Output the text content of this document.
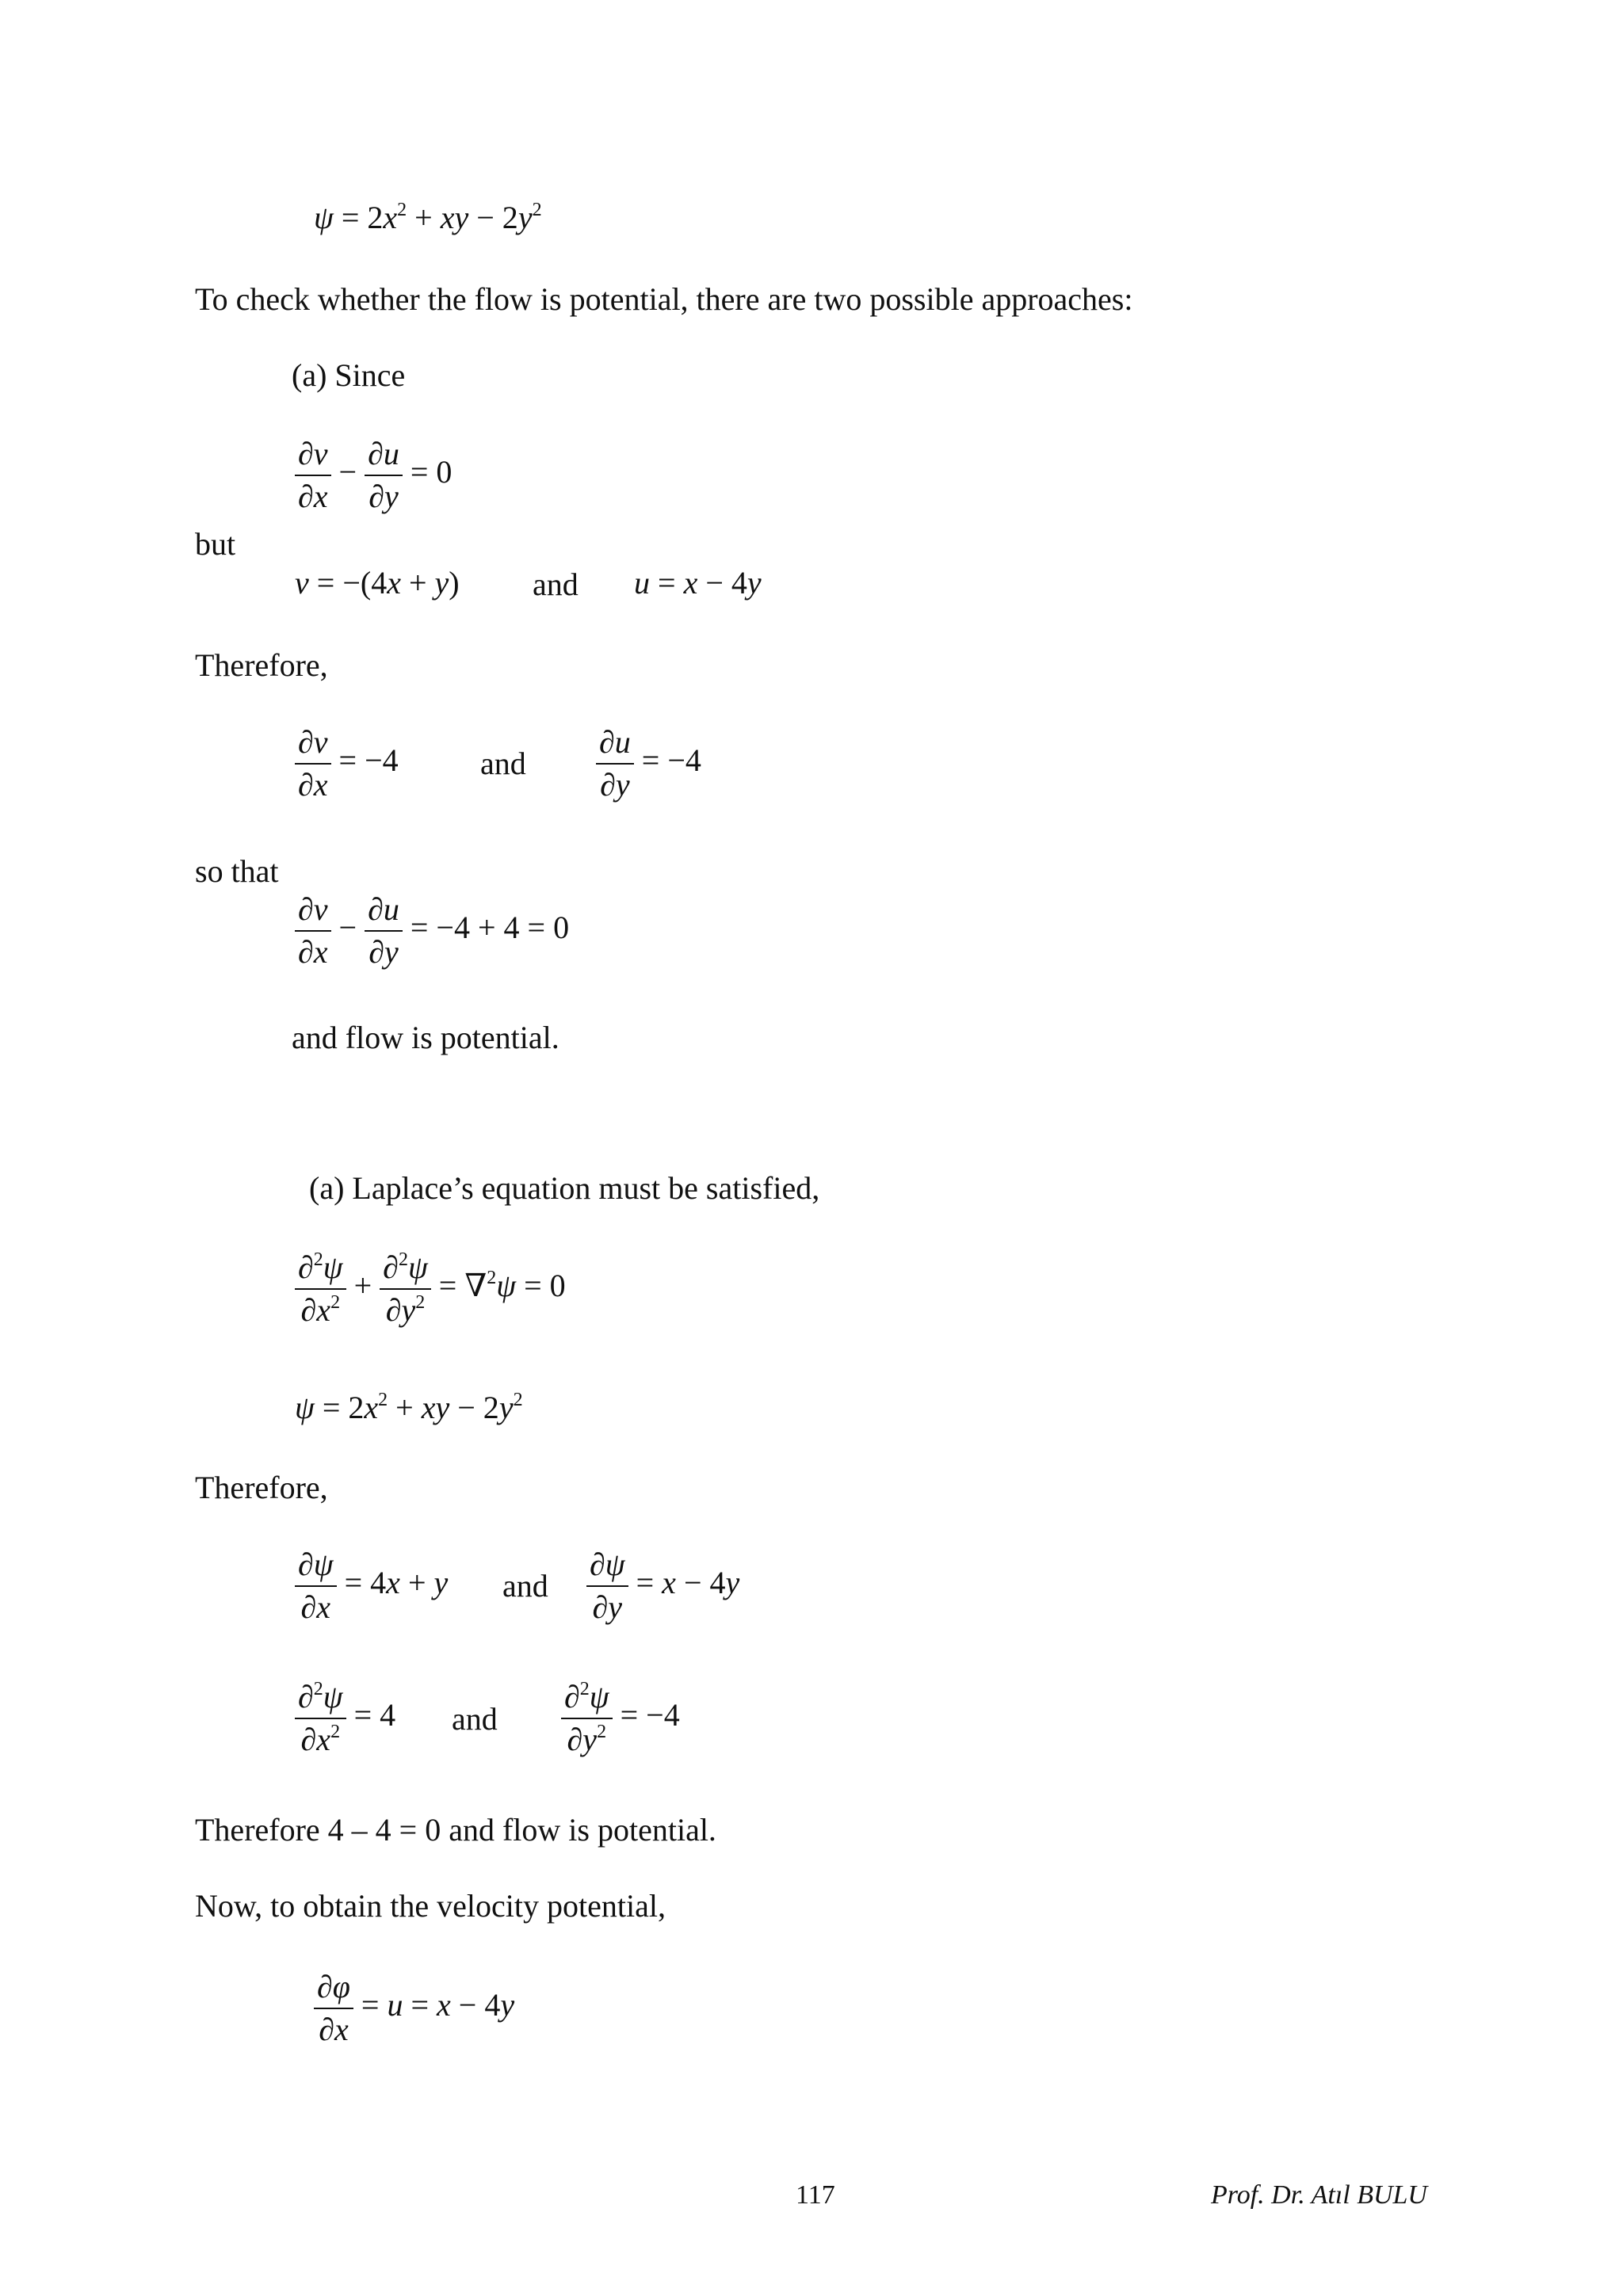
$\psi = 2x^2$ + xy − $2y^2$
To check whether the flow is potential, there are two possible approaches:
(a) Since
$\frac{\partial v}{\partial x} - \frac{\partial u}{\partial y} = 0$
but
v = −(4x + y) and u = x − 4y
Therefore,
$\frac{\partial v}{\partial x} = -4$	and $\frac{\partial u}{\partial y} = -4$
so that
$\frac{\partial v}{\partial x} - \frac{\partial u}{\partial y} = -4 + 4 = 0$
and flow is potential.
(a) Laplace’s equation must be satisfied,
$\frac{\partial^2\psi}{\partial x^2} + \frac{\partial^2\psi}{\partial y^2} = \nabla^2\psi = 0$
$\psi = 2x^2$ + xy − $2y^2$
Therefore,
$\frac{\partial\psi}{\partial x} = 4x + y$ and $\frac{\partial\psi}{\partial y} = x - 4y$
$\frac{\partial^2\psi}{\partial x^2} = 4$ and $\frac{\partial^2\psi}{\partial y^2} = -4$
Therefore 4 – 4 = 0 and flow is potential.
Now, to obtain the velocity potential,
$\frac{\partial\varphi}{\partial x} = u = x - 4y$
117	Prof. Dr. Atıl BULU
